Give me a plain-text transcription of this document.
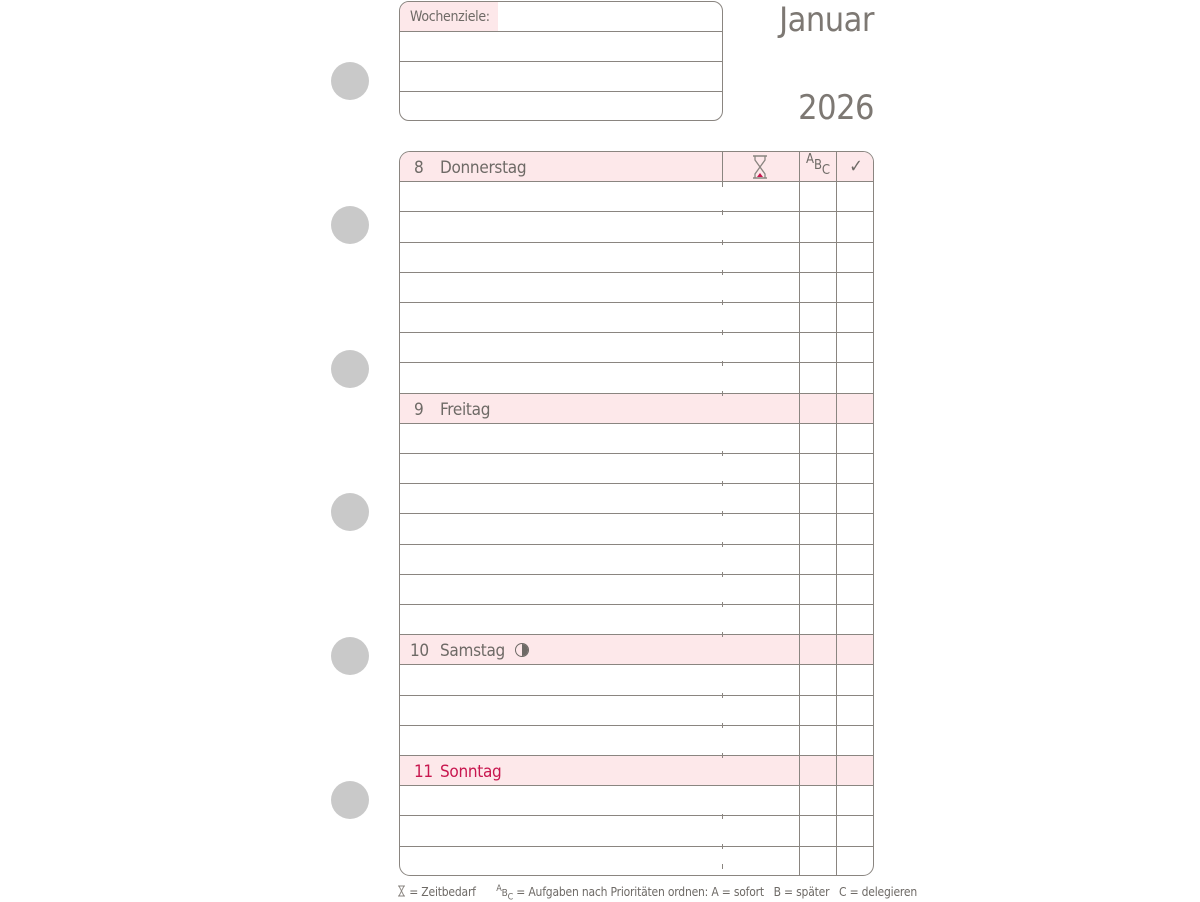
Wochenziele:	Januar
2026
ABC	✓
8 Donnerstag
9 Freitag
10 Samstag
11 Sonntag
= Zeitbedarf $^AB_C$ = Aufgaben nach Prioritäten ordnen: A = sofort   B = später   C = delegieren
